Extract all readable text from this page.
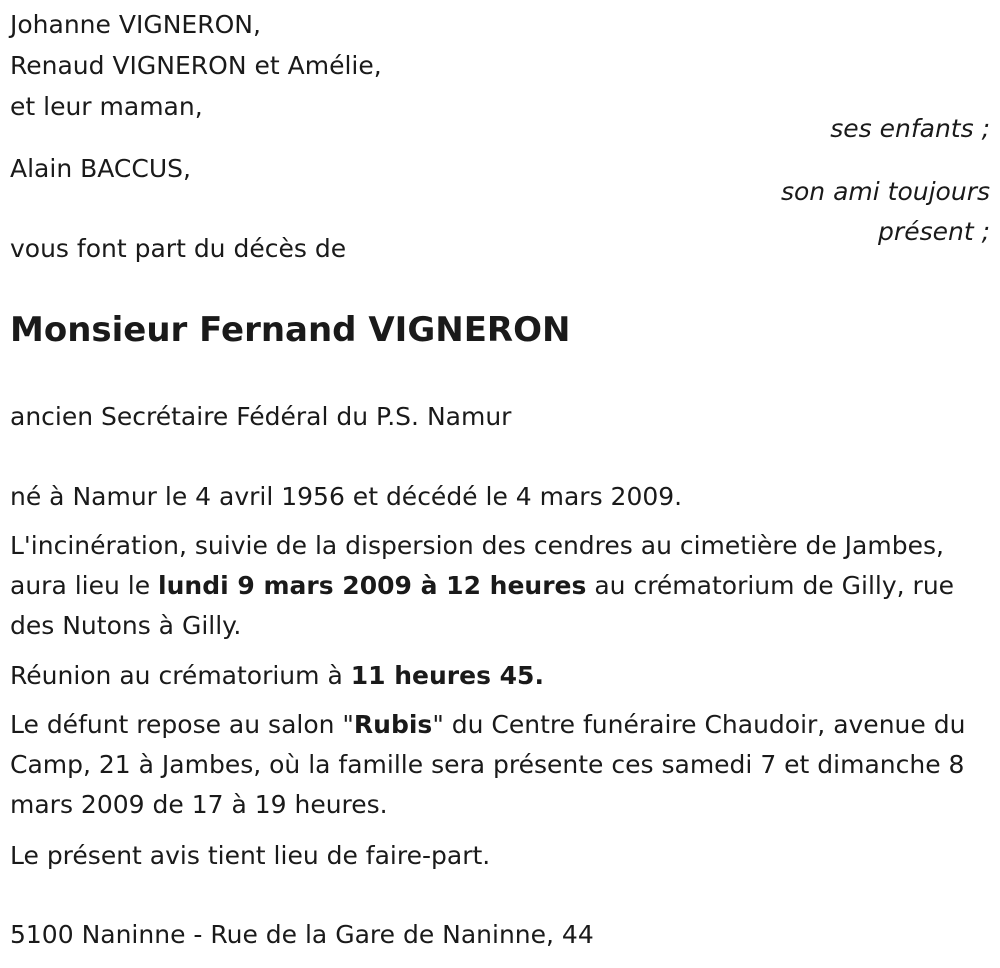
Johanne VIGNERON,
Renaud VIGNERON et Amélie,
et leur maman,
ses enfants ;
Alain BACCUS,
son ami toujours
présent ;
vous font part du décès de
Monsieur Fernand VIGNERON
ancien Secrétaire Fédéral du P.S. Namur
né à Namur le 4 avril 1956 et décédé le 4 mars 2009.
L'incinération, suivie de la dispersion des cendres au cimetière de Jambes, aura lieu le lundi 9 mars 2009 à 12 heures au crématorium de Gilly, rue des Nutons à Gilly.
Réunion au crématorium à 11 heures 45.
Le défunt repose au salon "Rubis" du Centre funéraire Chaudoir, avenue du Camp, 21 à Jambes, où la famille sera présente ces samedi 7 et dimanche 8 mars 2009 de 17 à 19 heures.
Le présent avis tient lieu de faire-part.
5100 Naninne - Rue de la Gare de Naninne, 44
